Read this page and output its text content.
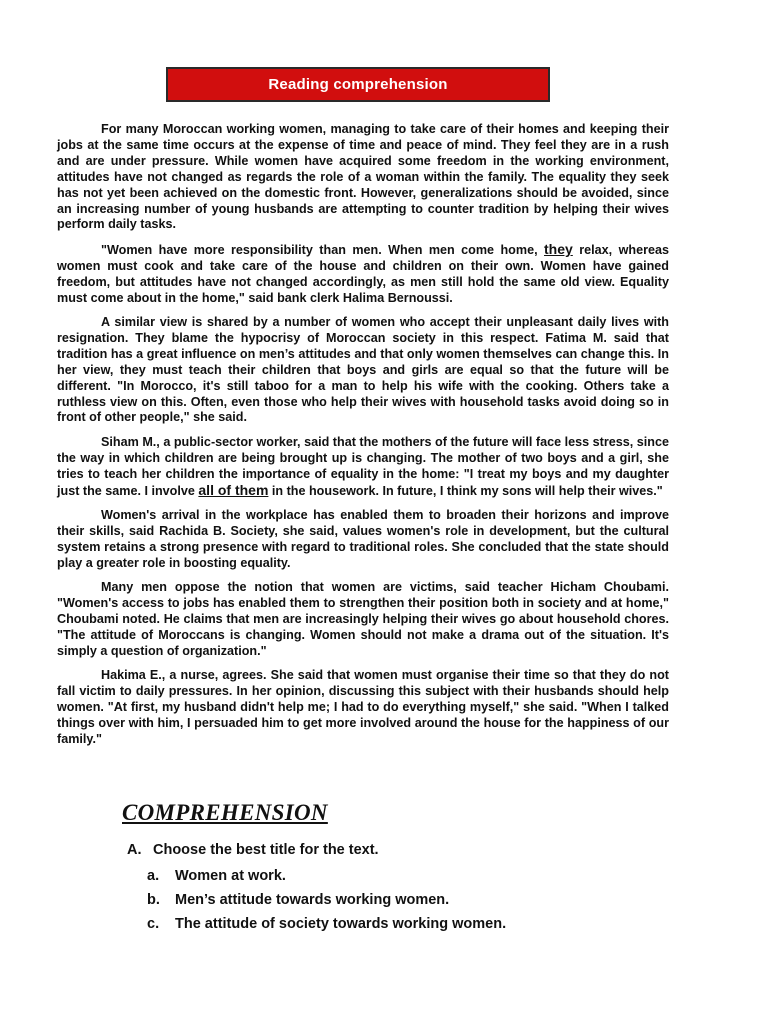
Reading comprehension

For many Moroccan working women, managing to take care of their homes and keeping their jobs at the same time occurs at the expense of time and peace of mind. They feel they are in a rush and are under pressure. While women have acquired some freedom in the working environment, attitudes have not changed as regards the role of a woman within the family. The equality they seek has not yet been achieved on the domestic front. However, generalizations should be avoided, since an increasing number of young husbands are attempting to counter tradition by helping their wives perform daily tasks.

"Women have more responsibility than men. When men come home, they relax, whereas women must cook and take care of the house and children on their own. Women have gained freedom, but attitudes have not changed accordingly, as men still hold the same old view. Equality must come about in the home," said bank clerk Halima Bernoussi.

A similar view is shared by a number of women who accept their unpleasant daily lives with resignation. They blame the hypocrisy of Moroccan society in this respect. Fatima M. said that tradition has a great influence on men’s attitudes and that only women themselves can change this. In her view, they must teach their children that boys and girls are equal so that the future will be different. "In Morocco, it's still taboo for a man to help his wife with the cooking. Others take a ruthless view on this. Often, even those who help their wives with household tasks avoid doing so in front of other people," she said.

Siham M., a public-sector worker, said that the mothers of the future will face less stress, since the way in which children are being brought up is changing. The mother of two boys and a girl, she tries to teach her children the importance of equality in the home: "I treat my boys and my daughter just the same. I involve all of them in the housework. In future, I think my sons will help their wives."

Women's arrival in the workplace has enabled them to broaden their horizons and improve their skills, said Rachida B. Society, she said, values women's role in development, but the cultural system retains a strong presence with regard to traditional roles. She concluded that the state should play a greater role in boosting equality.

Many men oppose the notion that women are victims, said teacher Hicham Choubami. "Women's access to jobs has enabled them to strengthen their position both in society and at home," Choubami noted. He claims that men are increasingly helping their wives go about household chores. "The attitude of Moroccans is changing. Women should not make a drama out of the situation. It's simply a question of organization."

Hakima E., a nurse, agrees. She said that women must organise their time so that they do not fall victim to daily pressures. In her opinion, discussing this subject with their husbands should help women. "At first, my husband didn't help me; I had to do everything myself," she said. "When I talked things over with him, I persuaded him to get more involved around the house for the happiness of our family."

COMPREHENSION
A. Choose the best title for the text.
a. Women at work.
b. Men’s attitude towards working women.
c. The attitude of society towards working women.
